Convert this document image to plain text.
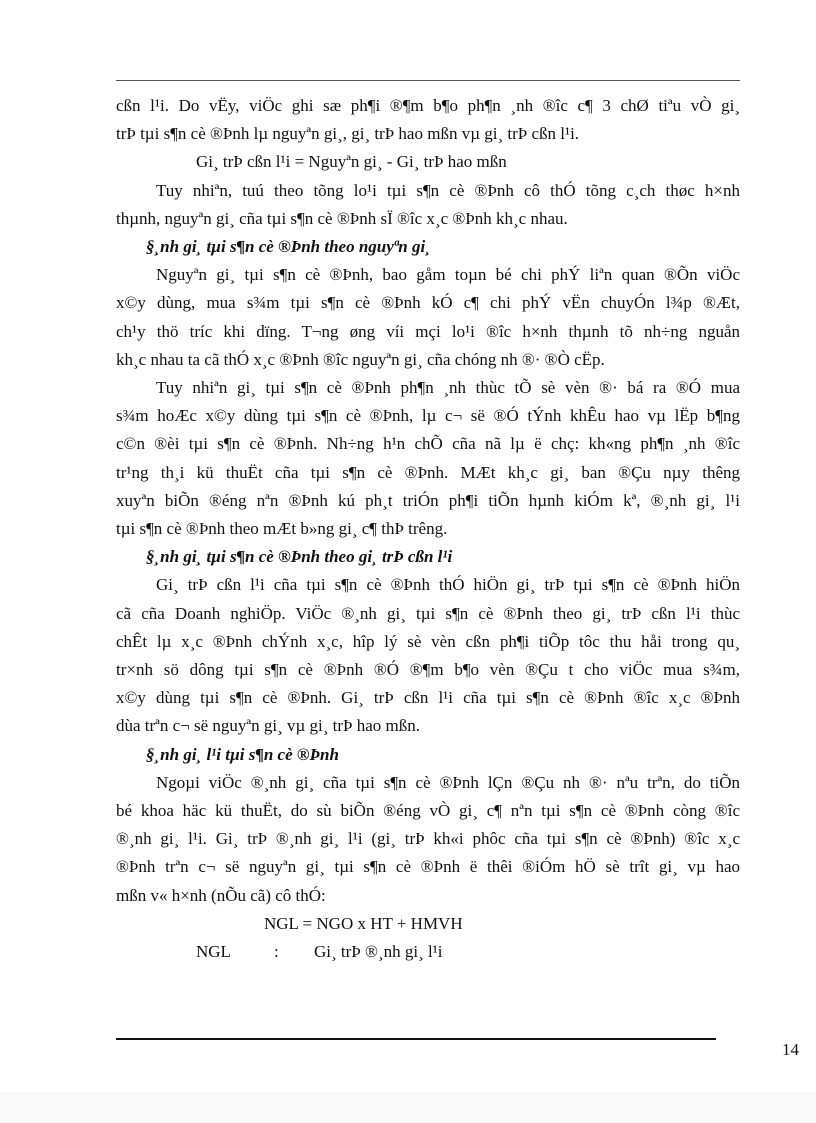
cßn l¹i. Do vËy, viÖc ghi sæ ph¶i ®¶m b¶o ph¶n ¸nh ®îc c¶ 3 chØ tiªu vÒ gi¸
trÞ tµi s¶n cè ®Þnh lµ nguyªn gi¸, gi¸ trÞ hao mßn vµ gi¸ trÞ cßn l¹i.
Gi¸ trÞ cßn l¹i = Nguyªn gi¸ - Gi¸ trÞ hao mßn
Tuy nhiªn, tuú theo tõng lo¹i tµi s¶n cè ®Þnh cô thÓ tõng c¸ch thøc h×nh
thµnh, nguyªn gi¸ cña tµi s¶n cè ®Þnh sÏ ®îc x¸c ®Þnh kh¸c nhau.
§¸nh gi¸ tµi s¶n cè ®Þnh theo nguyªn gi¸
Nguyªn gi¸ tµi s¶n cè ®Þnh, bao gåm toµn bé chi phÝ liªn quan ®Õn viÖc
x©y dùng, mua s¾m tµi s¶n cè ®Þnh kÓ c¶ chi phÝ vËn chuyÓn l¾p ®Æt,
ch¹y thö tríc khi dïng. T¬ng øng víi mçi lo¹i ®îc h×nh thµnh tõ nh÷ng nguån
kh¸c nhau ta cã thÓ x¸c ®Þnh ®îc nguyªn gi¸ cña chóng nh ®· ®Ò cËp.
Tuy nhiªn gi¸ tµi s¶n cè ®Þnh ph¶n ¸nh thùc tÕ sè vèn ®· bá ra ®Ó mua
s¾m hoÆc x©y dùng tµi s¶n cè ®Þnh, lµ c¬ së ®Ó tÝnh khÊu hao vµ lËp b¶ng
c©n ®èi tµi s¶n cè ®Þnh. Nh÷ng h¹n chÕ cña nã lµ ë chç: kh«ng ph¶n ¸nh ®îc
tr¹ng th¸i kü thuËt cña tµi s¶n cè ®Þnh. MÆt kh¸c gi¸ ban ®Çu nµy thêng
xuyªn biÕn ®éng nªn ®Þnh kú ph¸t triÓn ph¶i tiÕn hµnh kiÓm kª, ®¸nh gi¸ l¹i
tµi s¶n cè ®Þnh theo mÆt b»ng gi¸ c¶ thÞ trêng.
§¸nh gi¸ tµi s¶n cè ®Þnh theo gi¸ trÞ cßn l¹i
Gi¸ trÞ cßn l¹i cña tµi s¶n cè ®Þnh thÓ hiÖn gi¸ trÞ tµi s¶n cè ®Þnh hiÖn
cã cña Doanh nghiÖp. ViÖc ®¸nh gi¸ tµi s¶n cè ®Þnh theo gi¸ trÞ cßn l¹i thùc
chÊt lµ x¸c ®Þnh chÝnh x¸c, hîp lý sè vèn cßn ph¶i tiÕp tôc thu håi trong qu¸
tr×nh sö dông tµi s¶n cè ®Þnh ®Ó ®¶m b¶o vèn ®Çu t cho viÖc mua s¾m,
x©y dùng tµi s¶n cè ®Þnh. Gi¸ trÞ cßn l¹i cña tµi s¶n cè ®Þnh ®îc x¸c ®Þnh
dùa trªn c¬ së nguyªn gi¸ vµ gi¸ trÞ hao mßn.
§¸nh gi¸ l¹i tµi s¶n cè ®Þnh
Ngoµi viÖc ®¸nh gi¸ cña tµi s¶n cè ®Þnh lÇn ®Çu nh ®· nªu trªn, do tiÕn
bé khoa häc kü thuËt, do sù biÕn ®éng vÒ gi¸ c¶ nªn tµi s¶n cè ®Þnh còng ®îc
®¸nh gi¸ l¹i. Gi¸ trÞ ®¸nh gi¸ l¹i (gi¸ trÞ kh«i phôc cña tµi s¶n cè ®Þnh) ®îc x¸c
®Þnh trªn c¬ së nguyªn gi¸ tµi s¶n cè ®Þnh ë thêi ®iÓm hÖ sè trît gi¸ vµ hao
mßn v« h×nh (nÕu cã) cô thÓ:
NGL = NGO x HT + HMVH
NGL	: Gi¸ trÞ ®¸nh gi¸ l¹i
14
